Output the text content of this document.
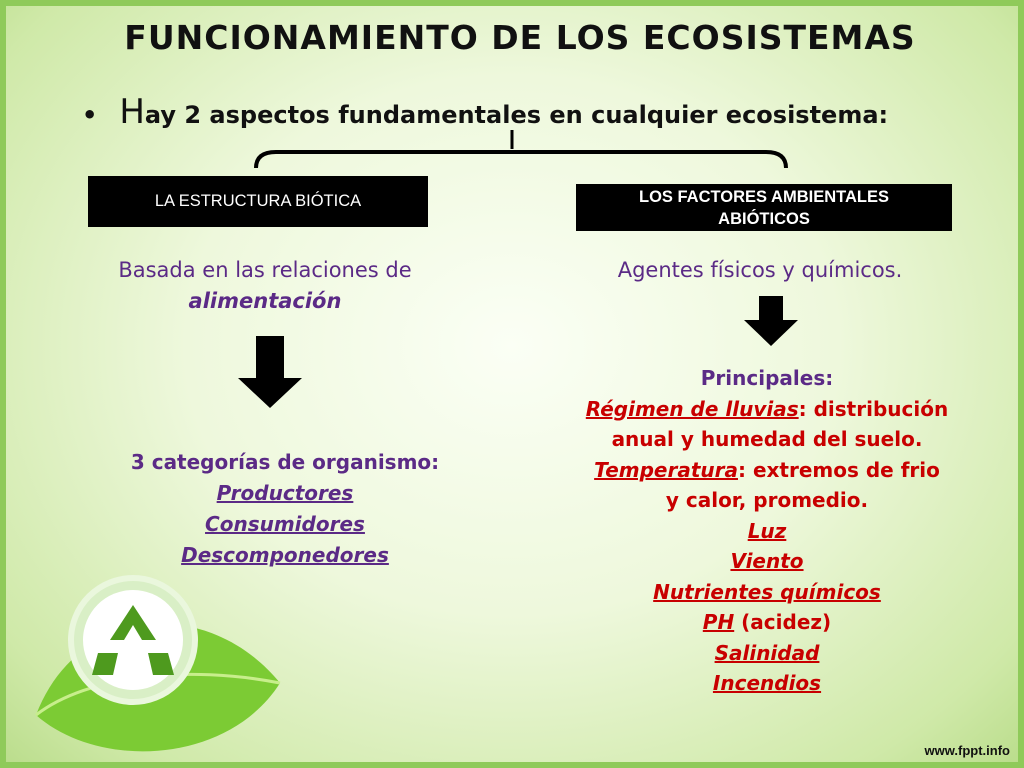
FUNCIONAMIENTO DE LOS ECOSISTEMAS
• Hay 2 aspectos fundamentales en cualquier ecosistema:
LA ESTRUCTURA BIÓTICA	LOS FACTORES AMBIENTALES
ABIÓTICOS
Basada en las relaciones de
alimentación
Agentes físicos y químicos.
3 categorías de organismo:
Productores
Consumidores
Descomponedores
Principales:
Régimen de lluvias: distribución
anual y humedad del suelo.
Temperatura: extremos de frio
y calor, promedio.
Luz
Viento
Nutrientes químicos
PH (acidez)
Salinidad
Incendios
www.fppt.info
